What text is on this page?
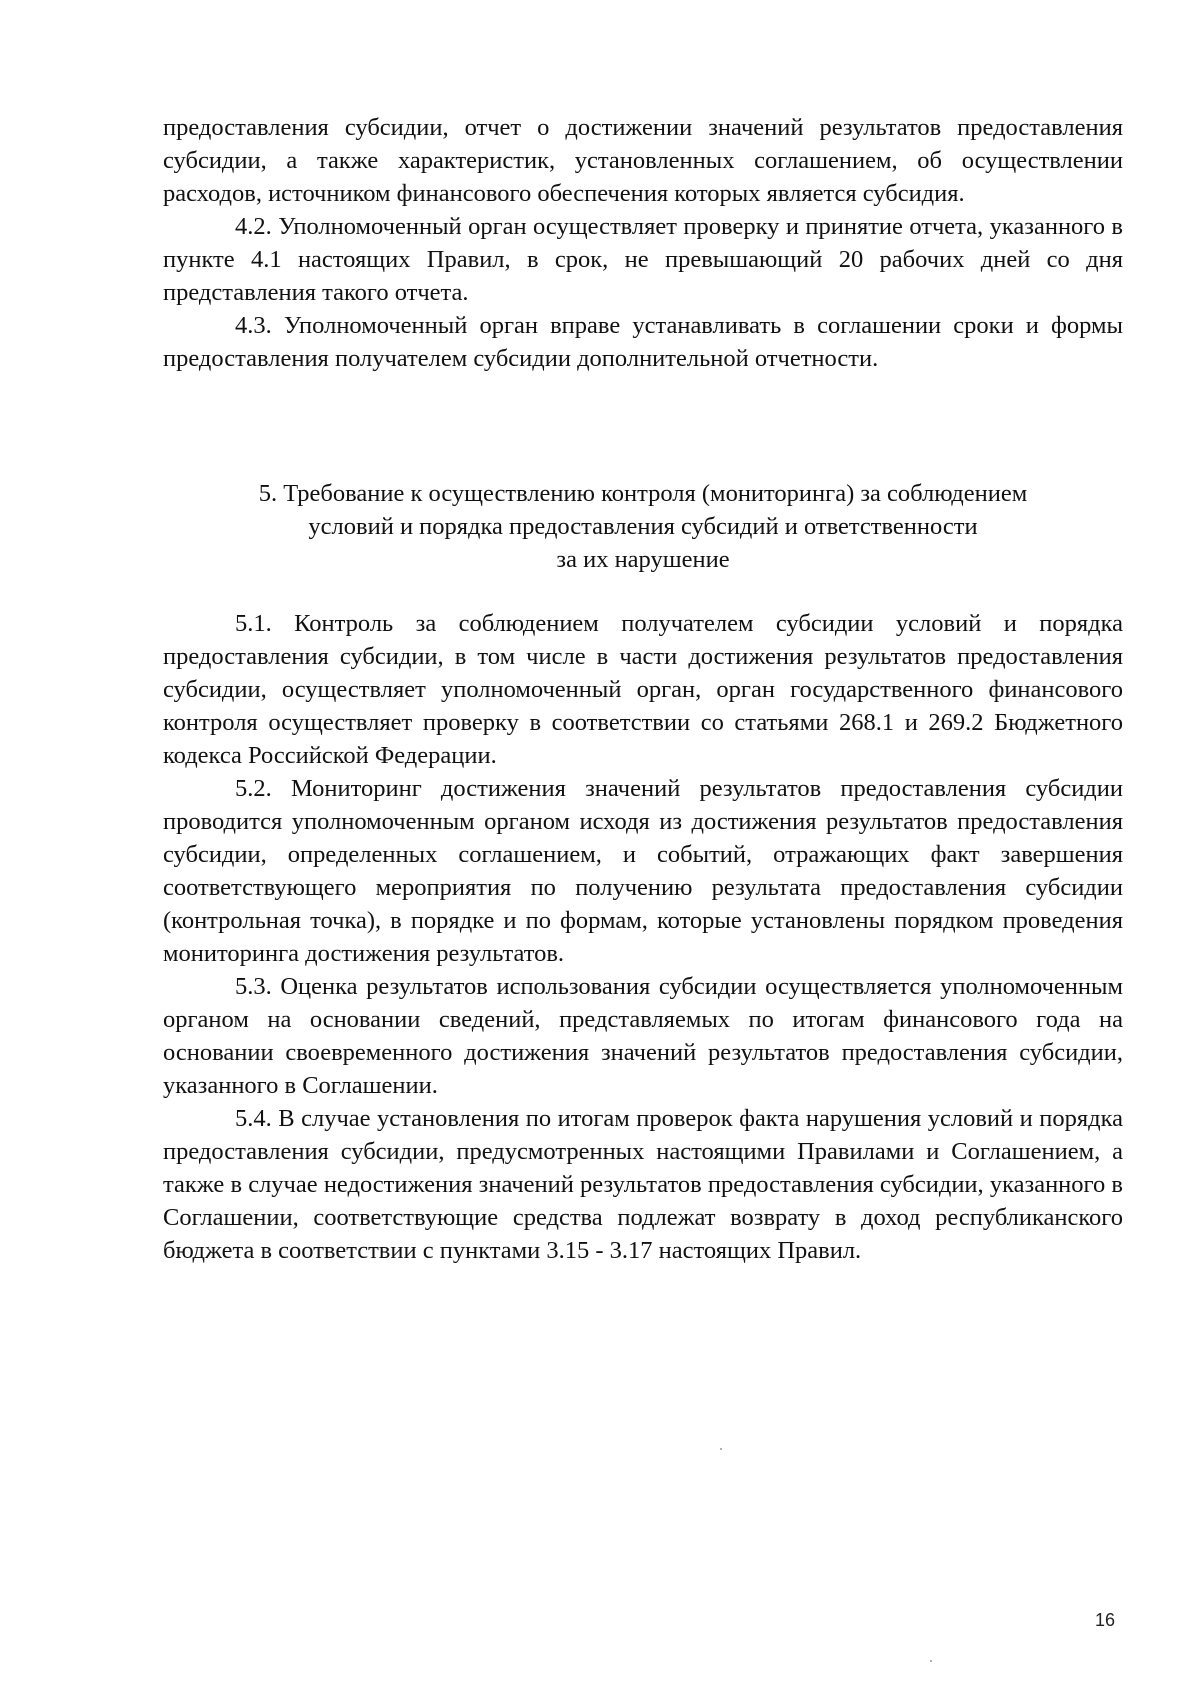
предоставления субсидии, отчет о достижении значений результатов предоставления субсидии, а также характеристик, установленных соглашением, об осуществлении расходов, источником финансового обеспечения которых является субсидия.

4.2. Уполномоченный орган осуществляет проверку и принятие отчета, указанного в пункте 4.1 настоящих Правил, в срок, не превышающий 20 рабочих дней со дня представления такого отчета.

4.3. Уполномоченный орган вправе устанавливать в соглашении сроки и формы предоставления получателем субсидии дополнительной отчетности.

5. Требование к осуществлению контроля (мониторинга) за соблюдением

условий и порядка предоставления субсидий и ответственности

за их нарушение

5.1. Контроль за соблюдением получателем субсидии условий и порядка предоставления субсидии, в том числе в части достижения результатов предоставления субсидии, осуществляет уполномоченный орган, орган государственного финансового контроля осуществляет проверку в соответствии со статьями 268.1 и 269.2 Бюджетного кодекса Российской Федерации.

5.2. Мониторинг достижения значений результатов предоставления субсидии проводится уполномоченным органом исходя из достижения результатов предоставления субсидии, определенных соглашением, и событий, отражающих факт завершения соответствующего мероприятия по получению результата предоставления субсидии (контрольная точка), в порядке и по формам, которые установлены порядком проведения мониторинга достижения результатов.

5.3. Оценка результатов использования субсидии осуществляется уполномоченным органом на основании сведений, представляемых по итогам финансового года на основании своевременного достижения значений результатов предоставления субсидии, указанного в Соглашении.

5.4. В случае установления по итогам проверок факта нарушения условий и порядка предоставления субсидии, предусмотренных настоящими Правилами и Соглашением, а также в случае недостижения значений результатов предоставления субсидии, указанного в Соглашении, соответствующие средства подлежат возврату в доход республиканского бюджета в соответствии с пунктами 3.15 - 3.17 настоящих Правил.

16
